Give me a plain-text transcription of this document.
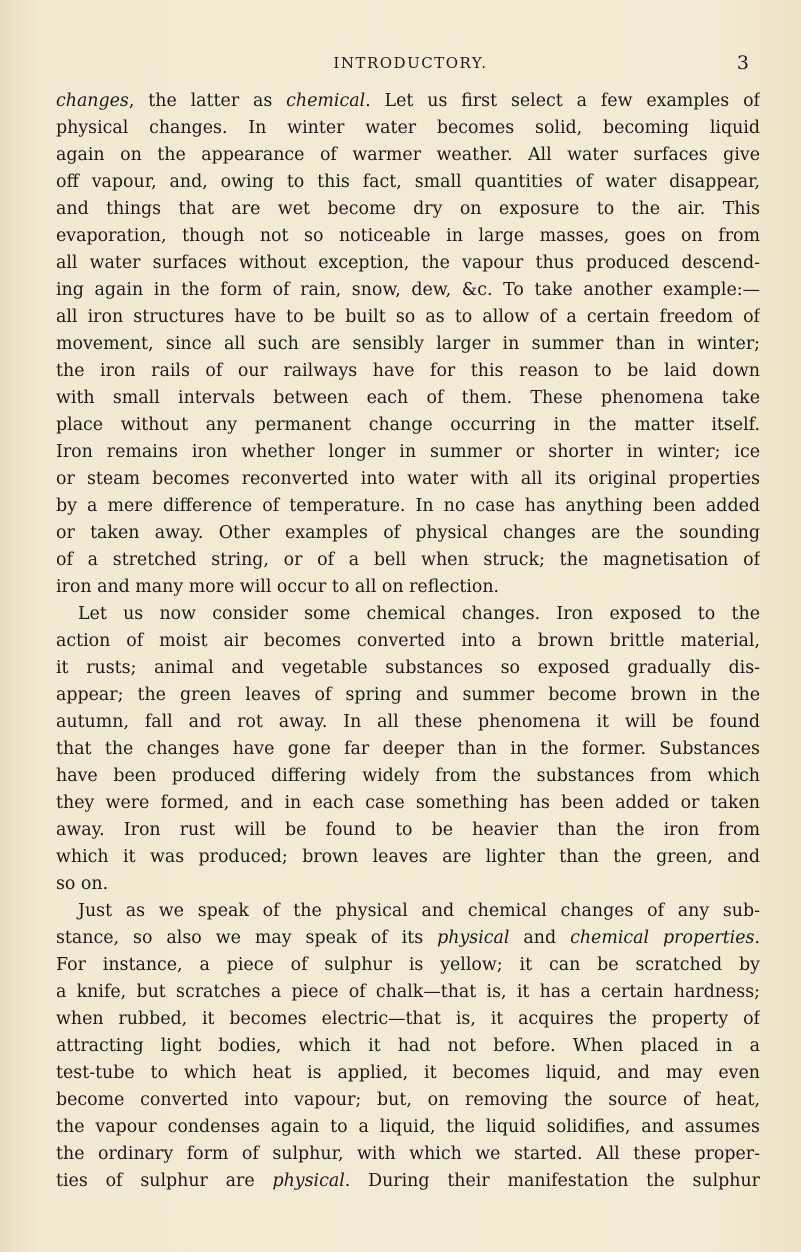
INTRODUCTORY.	3
changes, the latter as chemical. Let us first select a few examples of
physical changes. In winter water becomes solid, becoming liquid
again on the appearance of warmer weather. All water surfaces give
off vapour, and, owing to this fact, small quantities of water disappear,
and things that are wet become dry on exposure to the air. This
evaporation, though not so noticeable in large masses, goes on from
all water surfaces without exception, the vapour thus produced descend-
ing again in the form of rain, snow, dew, &c. To take another example:—
all iron structures have to be built so as to allow of a certain freedom of
movement, since all such are sensibly larger in summer than in winter;
the iron rails of our railways have for this reason to be laid down
with small intervals between each of them. These phenomena take
place without any permanent change occurring in the matter itself.
Iron remains iron whether longer in summer or shorter in winter; ice
or steam becomes reconverted into water with all its original properties
by a mere difference of temperature. In no case has anything been added
or taken away. Other examples of physical changes are the sounding
of a stretched string, or of a bell when struck; the magnetisation of
iron and many more will occur to all on reflection.
Let us now consider some chemical changes. Iron exposed to the
action of moist air becomes converted into a brown brittle material,
it rusts; animal and vegetable substances so exposed gradually dis-
appear; the green leaves of spring and summer become brown in the
autumn, fall and rot away. In all these phenomena it will be found
that the changes have gone far deeper than in the former. Substances
have been produced differing widely from the substances from which
they were formed, and in each case something has been added or taken
away. Iron rust will be found to be heavier than the iron from
which it was produced; brown leaves are lighter than the green, and
so on.
Just as we speak of the physical and chemical changes of any sub-
stance, so also we may speak of its physical and chemical properties.
For instance, a piece of sulphur is yellow; it can be scratched by
a knife, but scratches a piece of chalk—that is, it has a certain hardness;
when rubbed, it becomes electric—that is, it acquires the property of
attracting light bodies, which it had not before. When placed in a
test-tube to which heat is applied, it becomes liquid, and may even
become converted into vapour; but, on removing the source of heat,
the vapour condenses again to a liquid, the liquid solidifies, and assumes
the ordinary form of sulphur, with which we started. All these proper-
ties of sulphur are physical. During their manifestation the sulphur
